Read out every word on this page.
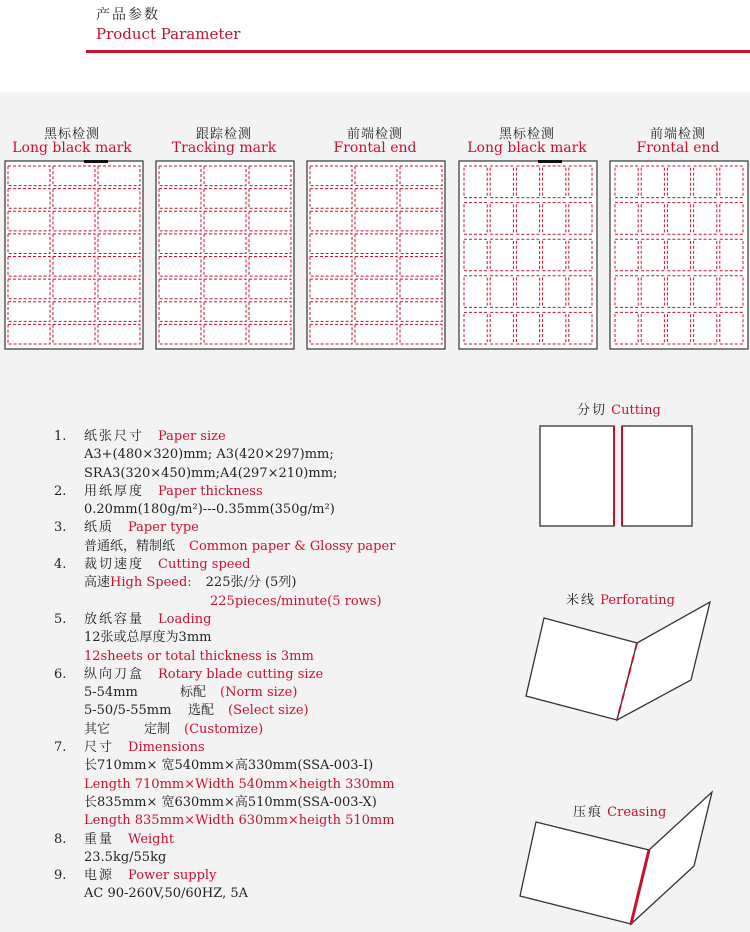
产品参数
Product Parameter
黑标检测
Long black mark
跟踪检测
Tracking mark
前端检测
Frontal end
黑标检测
Long black mark
前端检测
Frontal end
1. 纸张尺寸 Paper size
A3+(480×320)mm; A3(420×297)mm;
SRA3(320×450)mm;A4(297×210)mm;
2. 用纸厚度 Paper thickness
0.20mm(180g/m²)---0.35mm(350g/m²)
3. 纸质 Paper type
普通纸，精制纸 Common paper & Glossy paper
4. 裁切速度 Cutting speed
高速High Speed: 225张/分 (5列)
225pieces/minute(5 rows)
5. 放纸容量 Loading
12张或总厚度为3mm
12sheets or total thickness is 3mm
6. 纵向刀盒 Rotary blade cutting size
5-54mm	标配 (Norm size)
5-50/5-55mm 选配 (Select size)
其它	定制 (Customize)
7. 尺寸 Dimensions
长710mm× 宽540mm×高330mm(SSA-003-I)
Length 710mm×Width 540mm×heigth 330mm
长835mm× 宽630mm×高510mm(SSA-003-X)
Length 835mm×Width 630mm×heigth 510mm
8. 重量 Weight
23.5kg/55kg
9. 电源 Power supply
AC 90-260V,50/60HZ, 5A
分切 Cutting
米线 Perforating
压痕 Creasing
